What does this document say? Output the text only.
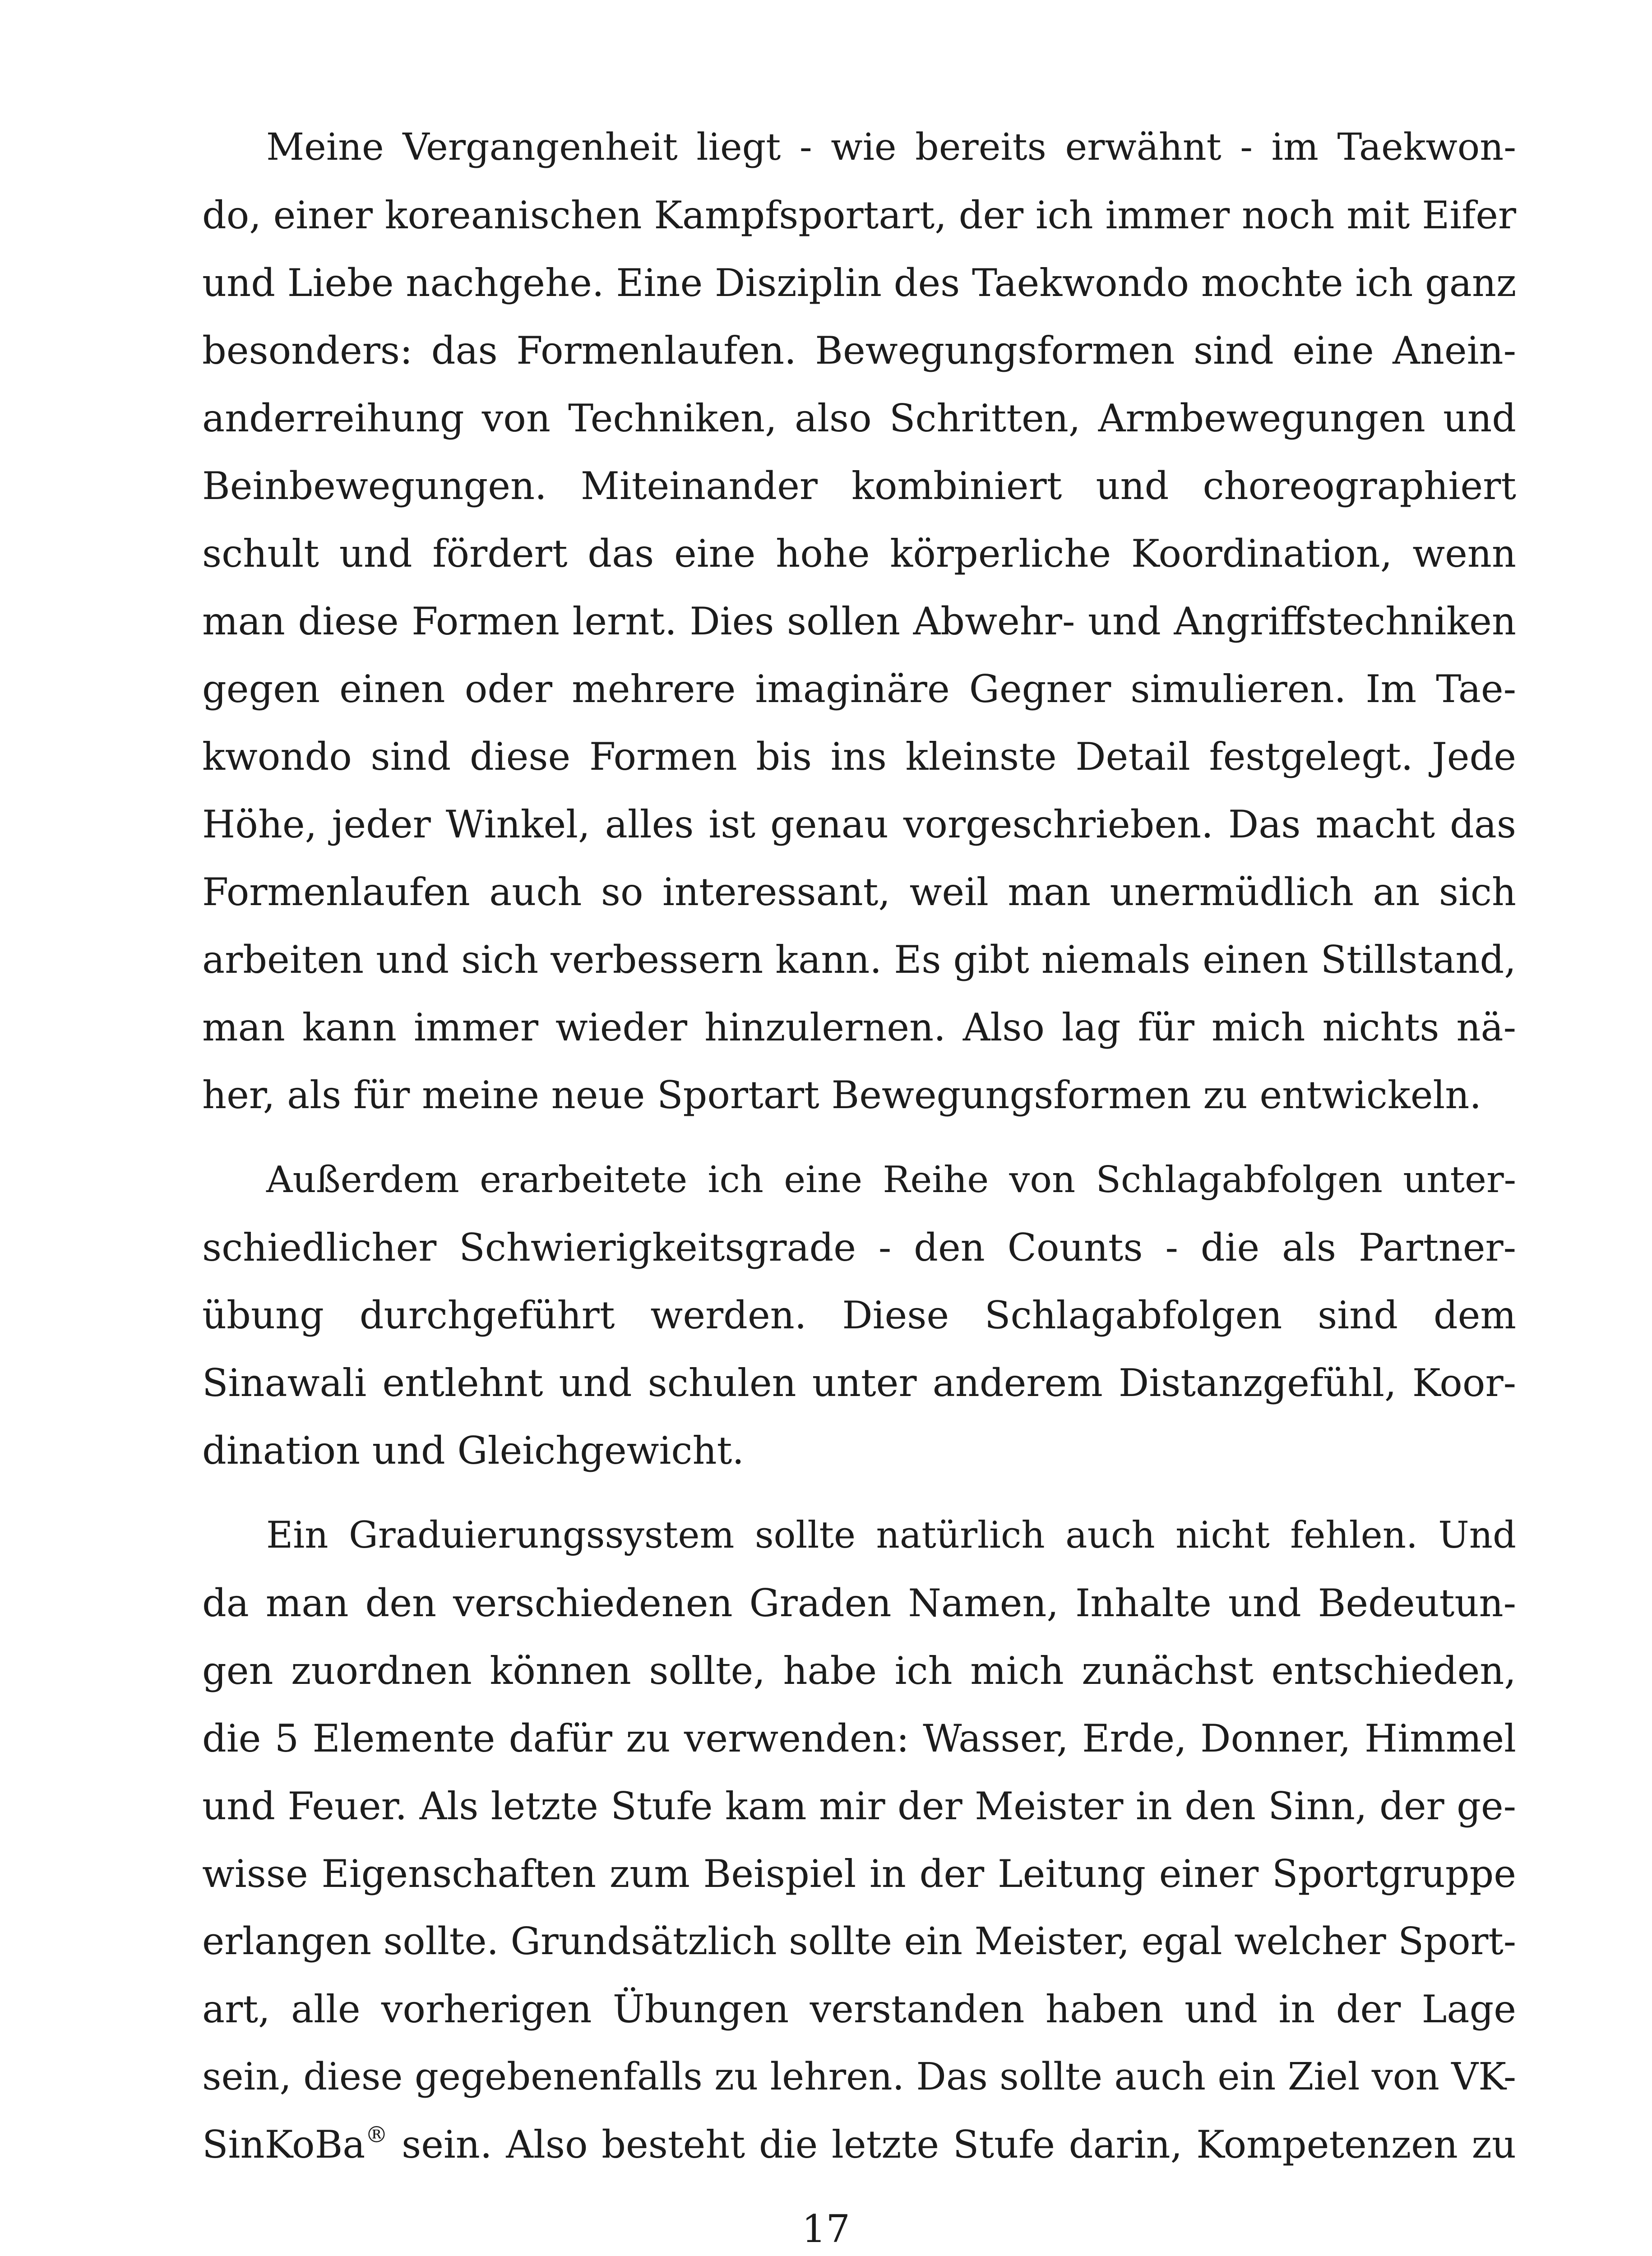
Meine Vergangenheit liegt - wie bereits erwähnt - im Taekwon-
do, einer koreanischen Kampfsportart, der ich immer noch mit Eifer
und Liebe nachgehe. Eine Disziplin des Taekwondo mochte ich ganz
besonders: das Formenlaufen. Bewegungsformen sind eine Anein-
anderreihung von Techniken, also Schritten, Armbewegungen und
Beinbewegungen. Miteinander kombiniert und choreographiert
schult und fördert das eine hohe körperliche Koordination, wenn
man diese Formen lernt. Dies sollen Abwehr- und Angriffstechniken
gegen einen oder mehrere imaginäre Gegner simulieren. Im Tae-
kwondo sind diese Formen bis ins kleinste Detail festgelegt. Jede
Höhe, jeder Winkel, alles ist genau vorgeschrieben. Das macht das
Formenlaufen auch so interessant, weil man unermüdlich an sich
arbeiten und sich verbessern kann. Es gibt niemals einen Stillstand,
man kann immer wieder hinzulernen. Also lag für mich nichts nä-
her, als für meine neue Sportart Bewegungsformen zu entwickeln.

Außerdem erarbeitete ich eine Reihe von Schlagabfolgen unter-
schiedlicher Schwierigkeitsgrade - den Counts - die als Partner-
übung durchgeführt werden. Diese Schlagabfolgen sind dem
Sinawali entlehnt und schulen unter anderem Distanzgefühl, Koor-
dination und Gleichgewicht.

Ein Graduierungssystem sollte natürlich auch nicht fehlen. Und
da man den verschiedenen Graden Namen, Inhalte und Bedeutun-
gen zuordnen können sollte, habe ich mich zunächst entschieden,
die 5 Elemente dafür zu verwenden: Wasser, Erde, Donner, Himmel
und Feuer. Als letzte Stufe kam mir der Meister in den Sinn, der ge-
wisse Eigenschaften zum Beispiel in der Leitung einer Sportgruppe
erlangen sollte. Grundsätzlich sollte ein Meister, egal welcher Sport-
art, alle vorherigen Übungen verstanden haben und in der Lage
sein, diese gegebenenfalls zu lehren. Das sollte auch ein Ziel von VK-
SinKoBa® sein. Also besteht die letzte Stufe darin, Kompetenzen zu

17
